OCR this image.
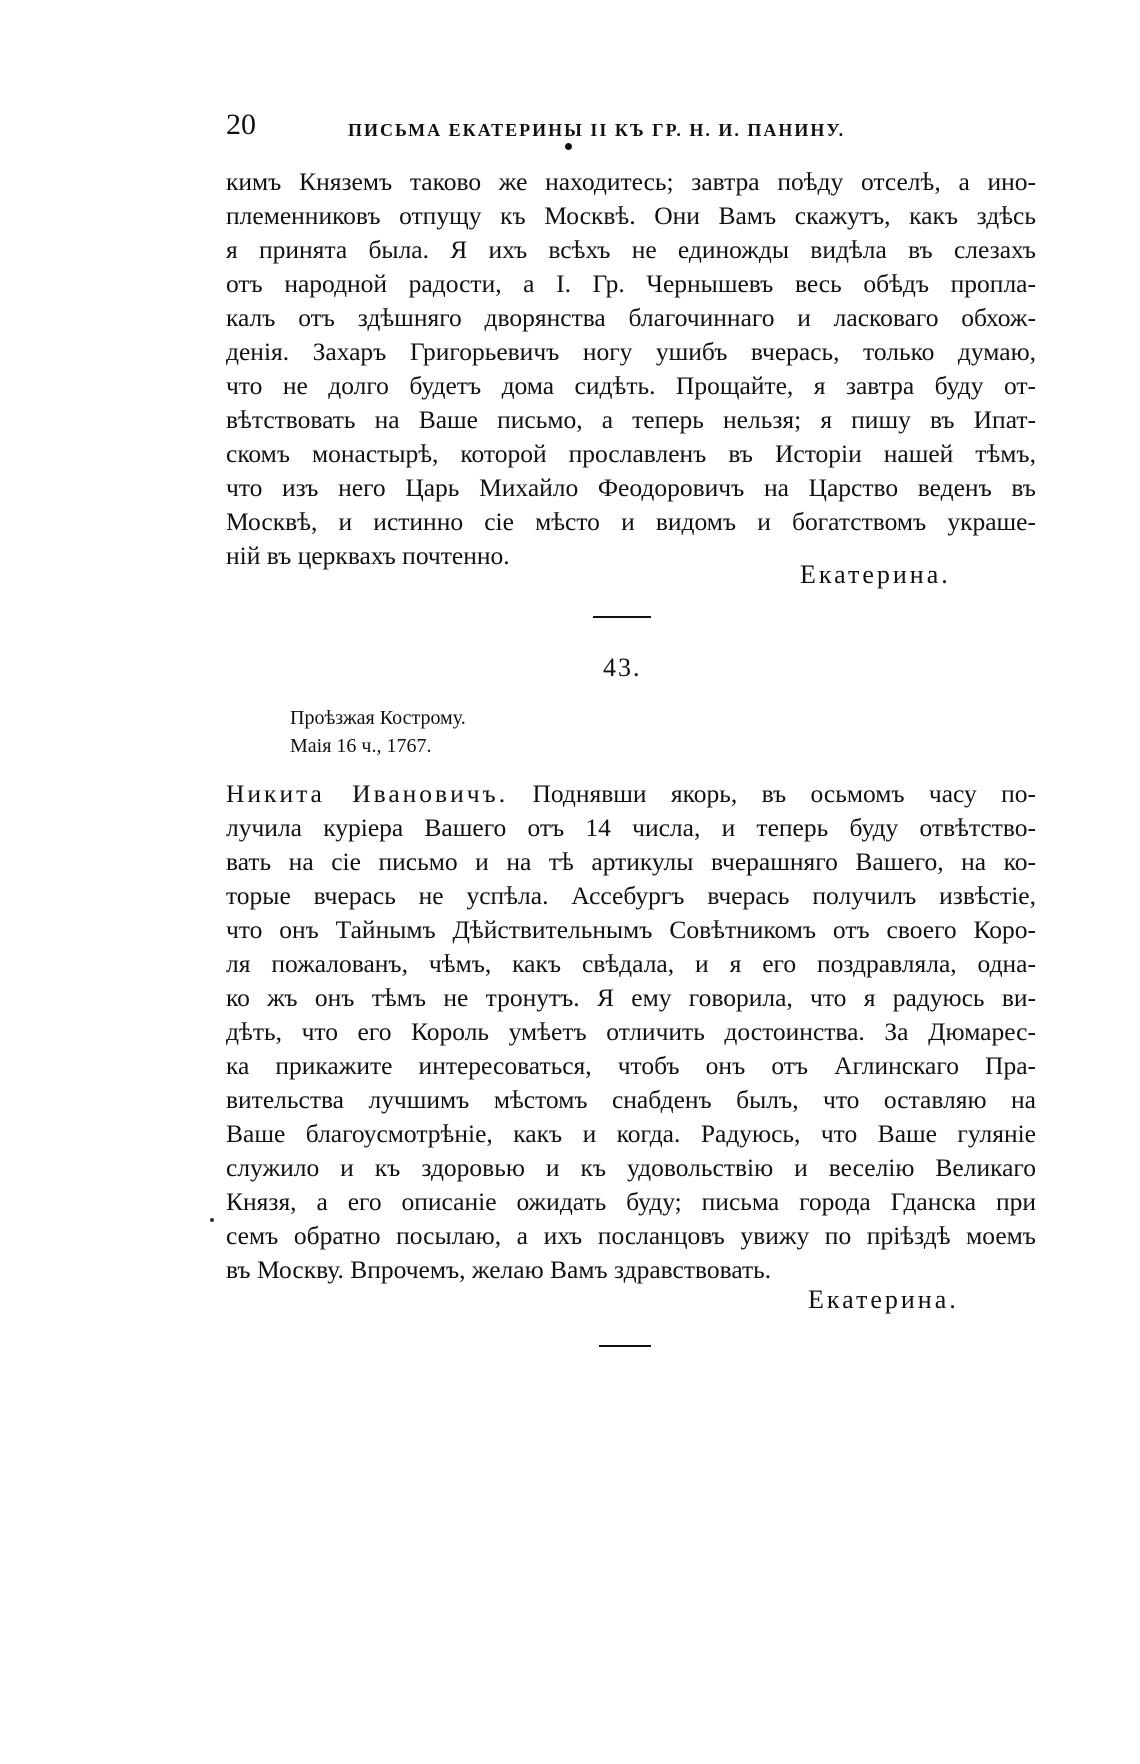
20	ПИСЬМА ЕКАТЕРИНЫ II КЪ ГР. Н. И. ПАНИНУ.
кимъ Княземъ таково же находитесь; завтра поѣду отселѣ, а ино-
племенниковъ отпущу къ Москвѣ. Они Вамъ скажутъ, какъ здѣсь
я принята была. Я ихъ всѣхъ не единожды видѣла въ слезахъ
отъ народной радости, а I. Гр. Чернышевъ весь обѣдъ пропла-
калъ отъ здѣшняго дворянства благочиннаго и ласковаго обхож-
денія. Захаръ Григорьевичъ ногу ушибъ вчерась, только думаю,
что не долго будетъ дома сидѣть. Прощайте, я завтра буду от-
вѣтствовать на Ваше письмо, а теперь нельзя; я пишу въ Ипат-
скомъ монастырѣ, которой прославленъ въ Исторіи нашей тѣмъ,
что изъ него Царь Михайло Феодоровичъ на Царство веденъ въ
Москвѣ, и истинно сіе мѣсто и видомъ и богатствомъ украше-
ній въ церквахъ почтенно.
Екатерина.
43.
Проѣзжая Кострому.
Маія 16 ч., 1767.
Никита Ивановичъ. Поднявши якорь, въ осьмомъ часу по-
лучила куріера Вашего отъ 14 числа, и теперь буду отвѣтство-
вать на сіе письмо и на тѣ артикулы вчерашняго Вашего, на ко-
торые вчерась не успѣла. Ассебургъ вчерась получилъ извѣстіе,
что онъ Тайнымъ Дѣйствительнымъ Совѣтникомъ отъ своего Коро-
ля пожалованъ, чѣмъ, какъ свѣдала, и я его поздравляла, однa-
ко жъ онъ тѣмъ не тронутъ. Я ему говорила, что я радуюсь ви-
дѣть, что его Король умѣетъ отличить достоинства. За Дюмарес-
ка прикажите интересоваться, чтобъ онъ отъ Аглинскаго Пра-
вительства лучшимъ мѣстомъ снабденъ былъ, что оставляю на
Ваше благоусмотрѣніе, какъ и когда. Радуюсь, что Ваше гуляніе
служило и къ здоровью и къ удовольствію и веселію Великаго
Князя, а его описаніе ожидать буду; письма города Гданска при
семъ обратно посылаю, а ихъ посланцовъ увижу по пріѣздѣ моемъ
въ Москву. Впрочемъ, желаю Вамъ здравствовать.
Екатерина.
